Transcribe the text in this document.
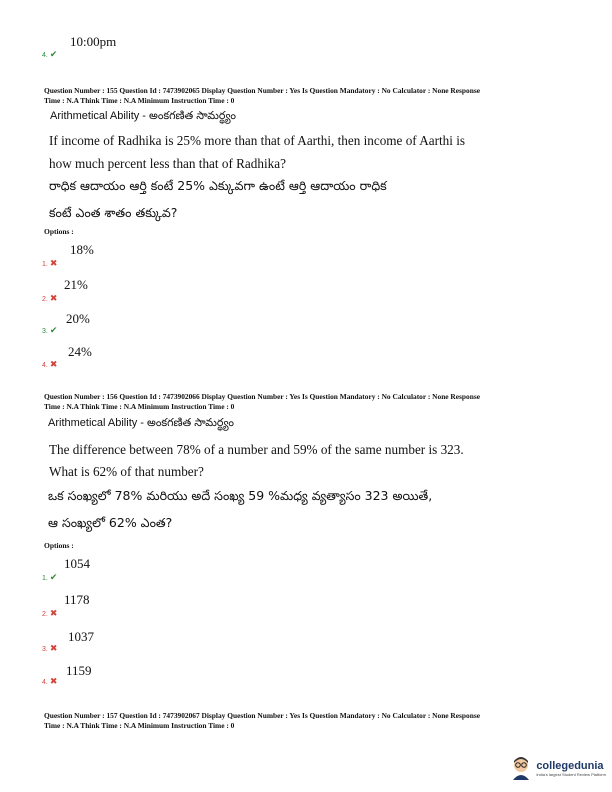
4. ✔
10:00pm
Question Number : 155 Question Id : 7473902065 Display Question Number : Yes Is Question Mandatory : No Calculator : None Response
Time : N.A Think Time : N.A Minimum Instruction Time : 0
Arithmetical Ability - అంకగణిత సామర్థ్యం
If income of Radhika is 25% more than that of Aarthi, then income of Aarthi is
how much percent less than that of Radhika?
రాధిక ఆదాయం ఆర్తి కంటే 25% ఎక్కువగా ఉంటే ఆర్తి ఆదాయం రాధిక
కంటే ఎంత శాతం తక్కువ?
Options :
1. ✖
18%
2. ✖
21%
3. ✔
20%
4. ✖
24%
Question Number : 156 Question Id : 7473902066 Display Question Number : Yes Is Question Mandatory : No Calculator : None Response
Time : N.A Think Time : N.A Minimum Instruction Time : 0
Arithmetical Ability - అంకగణిత సామర్థ్యం
The difference between 78% of a number and 59% of the same number is 323.
What is 62% of that number?
ఒక సంఖ్యలో 78% మరియు అదే సంఖ్య 59 %మధ్య వ్యత్యాసం 323 అయితే,
ఆ సంఖ్యలో 62% ఎంత?
Options :
1. ✔
1054
2. ✖
1178
3. ✖
1037
4. ✖
1159
Question Number : 157 Question Id : 7473902067 Display Question Number : Yes Is Question Mandatory : No Calculator : None Response
Time : N.A Think Time : N.A Minimum Instruction Time : 0
collegedunia
India's largest Student Review Platform
